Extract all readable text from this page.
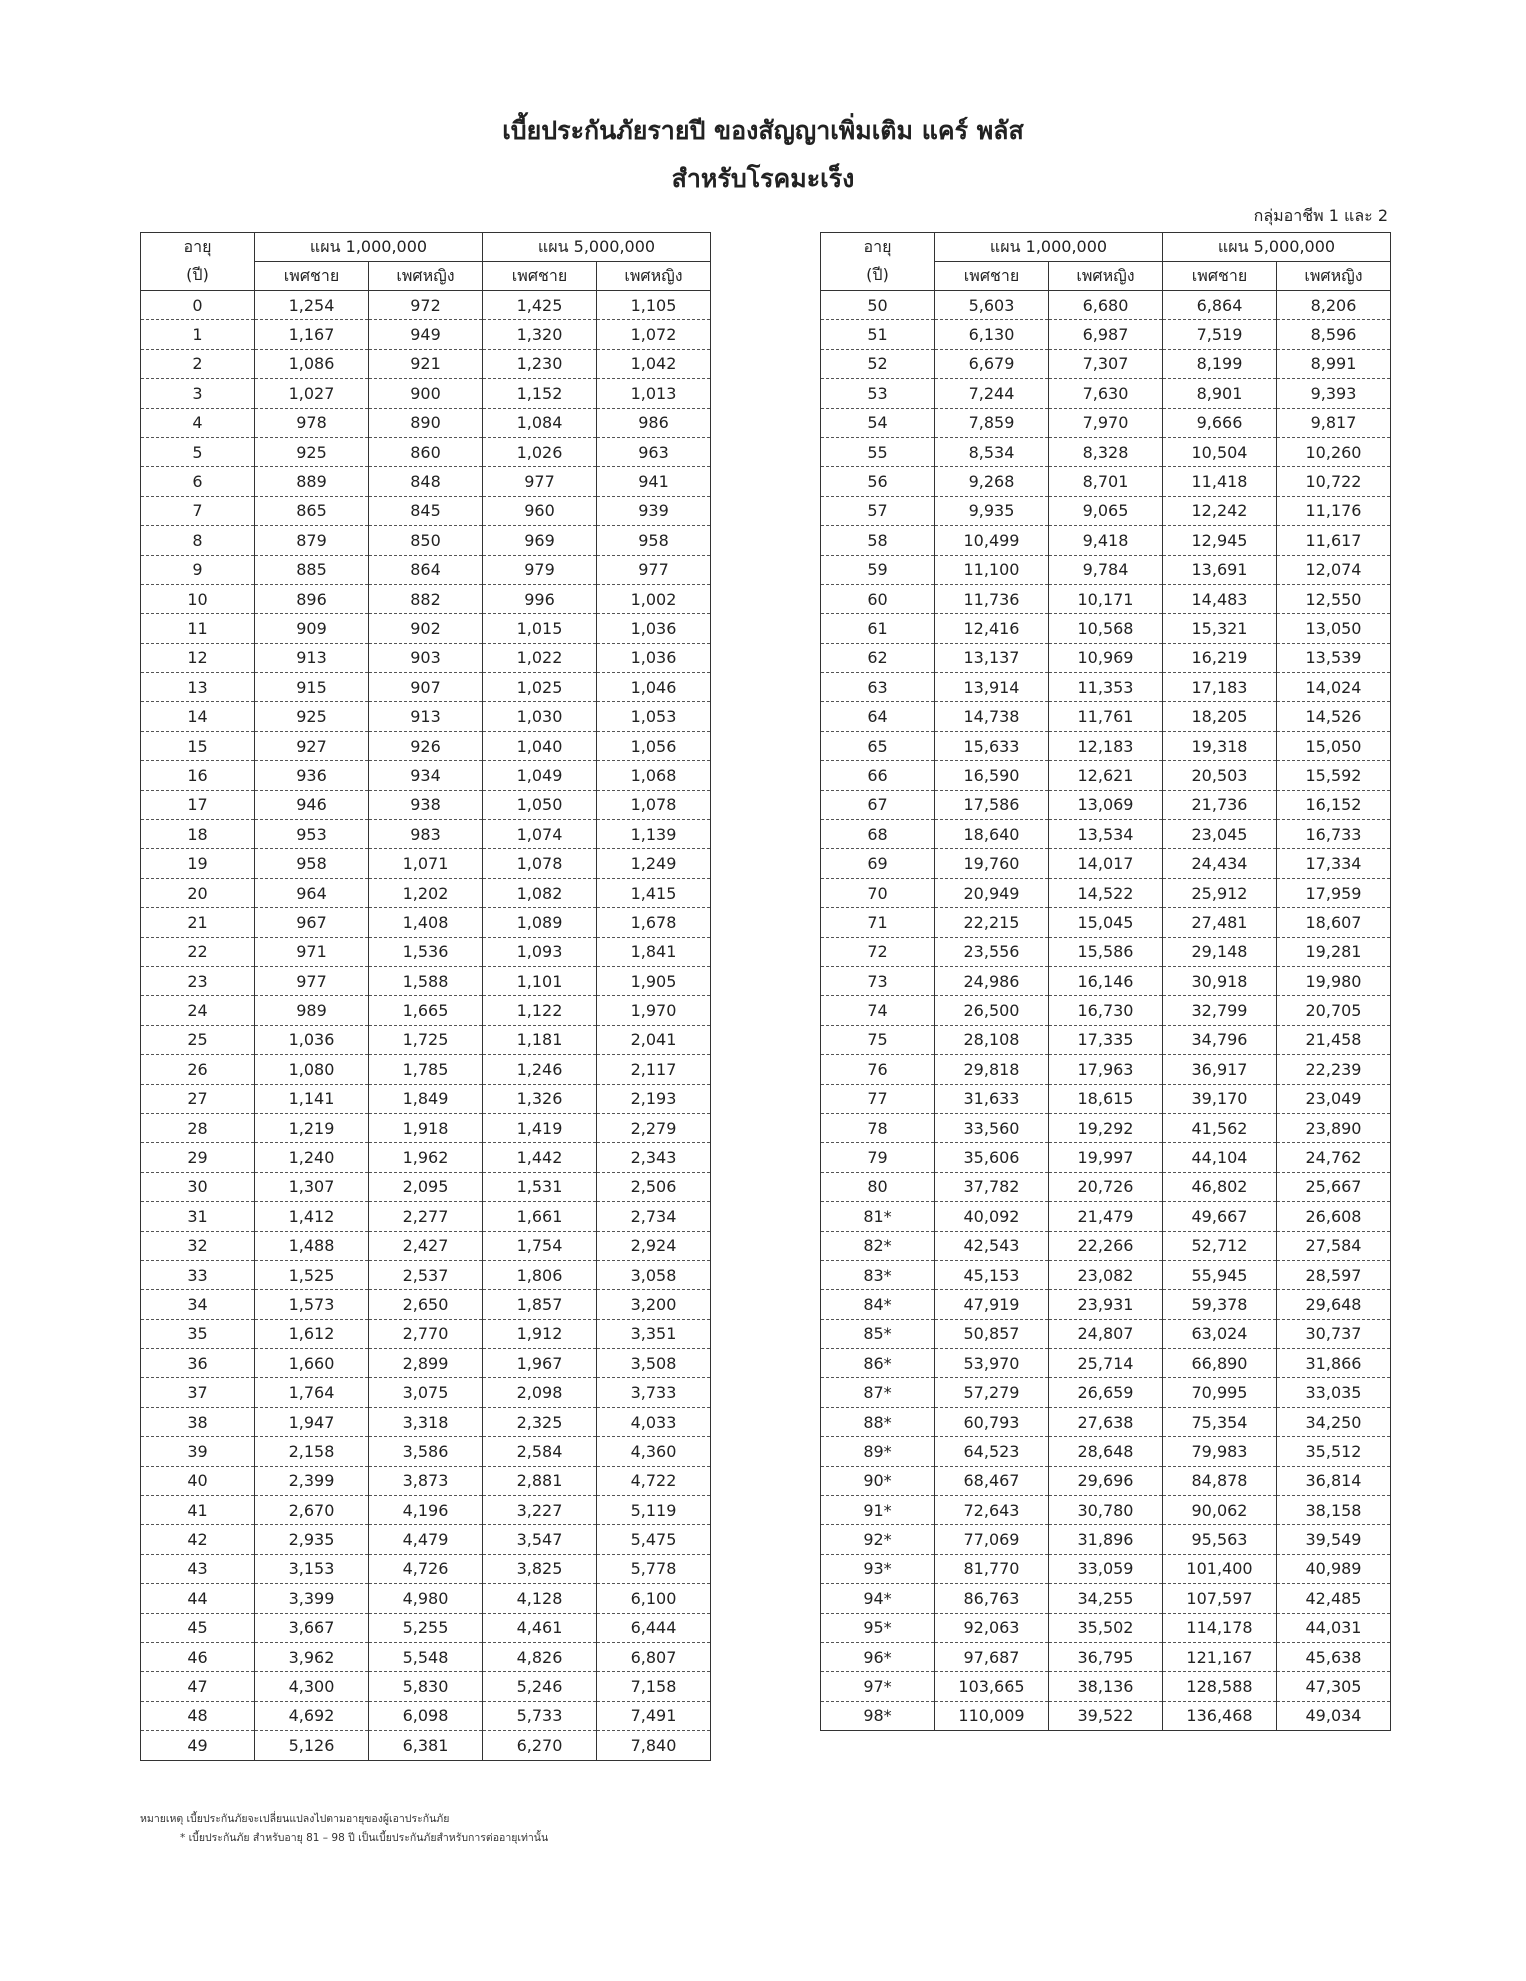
เบี้ยประกันภัยรายปี ของสัญญาเพิ่มเติม แคร์ พลัส
สำหรับโรคมะเร็ง
กลุ่มอาชีพ 1 และ 2
อายุ	แผน 1,000,000		แผน 5,000,000	
(ปี)	เพศชาย	เพศหญิง	เพศชาย	เพศหญิง
0	1,254	972	1,425	1,105
1	1,167	949	1,320	1,072
2	1,086	921	1,230	1,042
3	1,027	900	1,152	1,013
4	978	890	1,084	986
5	925	860	1,026	963
6	889	848	977	941
7	865	845	960	939
8	879	850	969	958
9	885	864	979	977
10	896	882	996	1,002
11	909	902	1,015	1,036
12	913	903	1,022	1,036
13	915	907	1,025	1,046
14	925	913	1,030	1,053
15	927	926	1,040	1,056
16	936	934	1,049	1,068
17	946	938	1,050	1,078
18	953	983	1,074	1,139
19	958	1,071	1,078	1,249
20	964	1,202	1,082	1,415
21	967	1,408	1,089	1,678
22	971	1,536	1,093	1,841
23	977	1,588	1,101	1,905
24	989	1,665	1,122	1,970
25	1,036	1,725	1,181	2,041
26	1,080	1,785	1,246	2,117
27	1,141	1,849	1,326	2,193
28	1,219	1,918	1,419	2,279
29	1,240	1,962	1,442	2,343
30	1,307	2,095	1,531	2,506
31	1,412	2,277	1,661	2,734
32	1,488	2,427	1,754	2,924
33	1,525	2,537	1,806	3,058
34	1,573	2,650	1,857	3,200
35	1,612	2,770	1,912	3,351
36	1,660	2,899	1,967	3,508
37	1,764	3,075	2,098	3,733
38	1,947	3,318	2,325	4,033
39	2,158	3,586	2,584	4,360
40	2,399	3,873	2,881	4,722
41	2,670	4,196	3,227	5,119
42	2,935	4,479	3,547	5,475
43	3,153	4,726	3,825	5,778
44	3,399	4,980	4,128	6,100
45	3,667	5,255	4,461	6,444
46	3,962	5,548	4,826	6,807
47	4,300	5,830	5,246	7,158
48	4,692	6,098	5,733	7,491
49	5,126	6,381	6,270	7,840
อายุ	แผน 1,000,000		แผน 5,000,000	
(ปี)	เพศชาย	เพศหญิง	เพศชาย	เพศหญิง
50	5,603	6,680	6,864	8,206
51	6,130	6,987	7,519	8,596
52	6,679	7,307	8,199	8,991
53	7,244	7,630	8,901	9,393
54	7,859	7,970	9,666	9,817
55	8,534	8,328	10,504	10,260
56	9,268	8,701	11,418	10,722
57	9,935	9,065	12,242	11,176
58	10,499	9,418	12,945	11,617
59	11,100	9,784	13,691	12,074
60	11,736	10,171	14,483	12,550
61	12,416	10,568	15,321	13,050
62	13,137	10,969	16,219	13,539
63	13,914	11,353	17,183	14,024
64	14,738	11,761	18,205	14,526
65	15,633	12,183	19,318	15,050
66	16,590	12,621	20,503	15,592
67	17,586	13,069	21,736	16,152
68	18,640	13,534	23,045	16,733
69	19,760	14,017	24,434	17,334
70	20,949	14,522	25,912	17,959
71	22,215	15,045	27,481	18,607
72	23,556	15,586	29,148	19,281
73	24,986	16,146	30,918	19,980
74	26,500	16,730	32,799	20,705
75	28,108	17,335	34,796	21,458
76	29,818	17,963	36,917	22,239
77	31,633	18,615	39,170	23,049
78	33,560	19,292	41,562	23,890
79	35,606	19,997	44,104	24,762
80	37,782	20,726	46,802	25,667
81*	40,092	21,479	49,667	26,608
82*	42,543	22,266	52,712	27,584
83*	45,153	23,082	55,945	28,597
84*	47,919	23,931	59,378	29,648
85*	50,857	24,807	63,024	30,737
86*	53,970	25,714	66,890	31,866
87*	57,279	26,659	70,995	33,035
88*	60,793	27,638	75,354	34,250
89*	64,523	28,648	79,983	35,512
90*	68,467	29,696	84,878	36,814
91*	72,643	30,780	90,062	38,158
92*	77,069	31,896	95,563	39,549
93*	81,770	33,059	101,400	40,989
94*	86,763	34,255	107,597	42,485
95*	92,063	35,502	114,178	44,031
96*	97,687	36,795	121,167	45,638
97*	103,665	38,136	128,588	47,305
98*	110,009	39,522	136,468	49,034
หมายเหตุ เบี้ยประกันภัยจะเปลี่ยนแปลงไปตามอายุของผู้เอาประกันภัย
* เบี้ยประกันภัย สำหรับอายุ 81 – 98 ปี เป็นเบี้ยประกันภัยสำหรับการต่ออายุเท่านั้น
